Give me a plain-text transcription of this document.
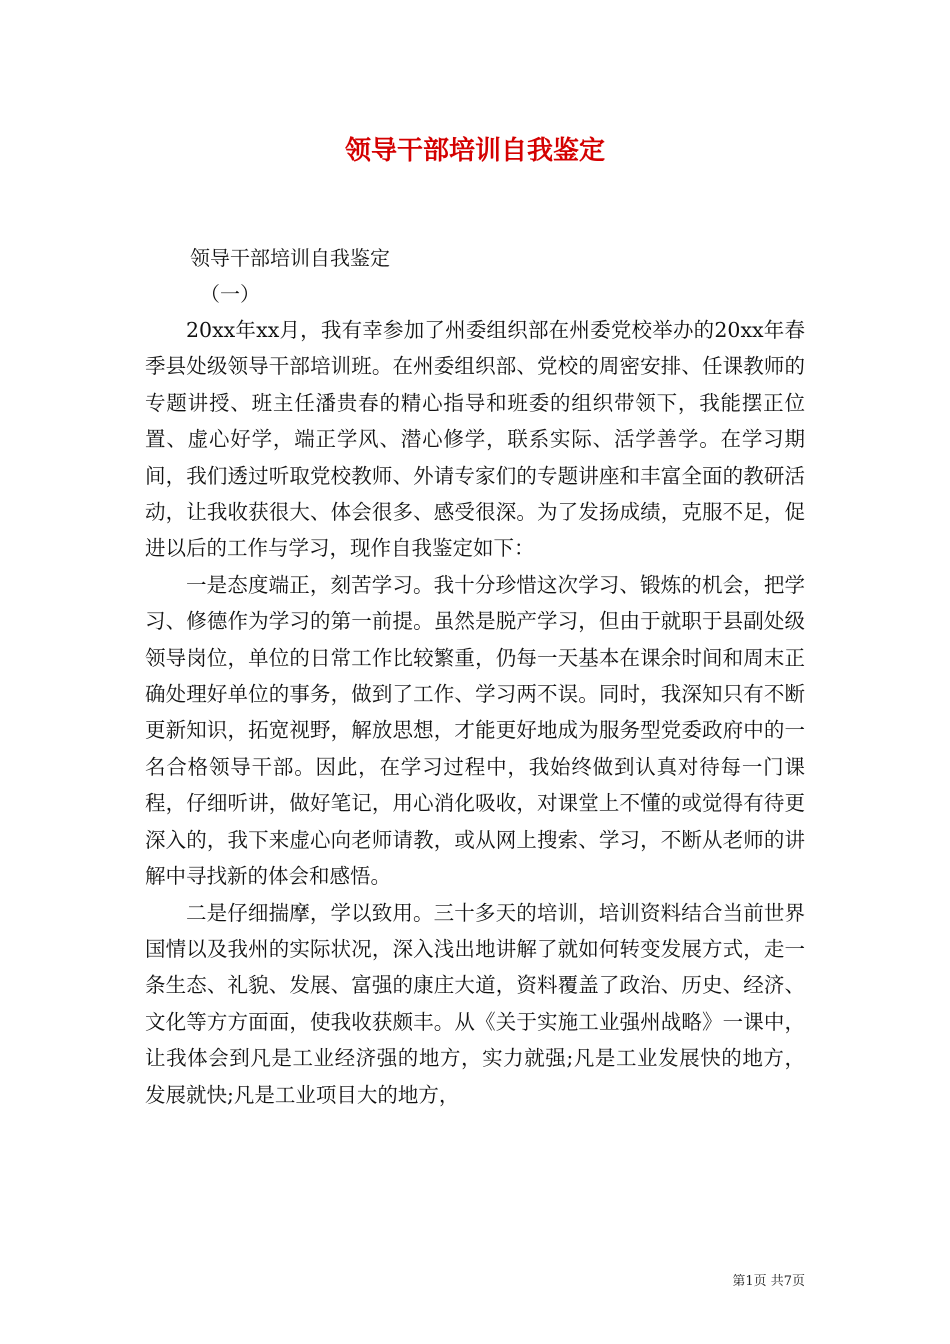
领导干部培训自我鉴定

领导干部培训自我鉴定

（一）

20xx年xx月，我有幸参加了州委组织部在州委党校举办的20xx年春季县处级领导干部培训班。在州委组织部、党校的周密安排、任课教师的专题讲授、班主任潘贵春的精心指导和班委的组织带领下，我能摆正位置、虚心好学，端正学风、潜心修学，联系实际、活学善学。在学习期间，我们透过听取党校教师、外请专家们的专题讲座和丰富全面的教研活动，让我收获很大、体会很多、感受很深。为了发扬成绩，克服不足，促进以后的工作与学习，现作自我鉴定如下：

一是态度端正，刻苦学习。我十分珍惜这次学习、锻炼的机会，把学习、修德作为学习的第一前提。虽然是脱产学习，但由于就职于县副处级领导岗位，单位的日常工作比较繁重，仍每一天基本在课余时间和周末正确处理好单位的事务，做到了工作、学习两不误。同时，我深知只有不断更新知识，拓宽视野，解放思想，才能更好地成为服务型党委政府中的一名合格领导干部。因此，在学习过程中，我始终做到认真对待每一门课程，仔细听讲，做好笔记，用心消化吸收，对课堂上不懂的或觉得有待更深入的，我下来虚心向老师请教，或从网上搜索、学习，不断从老师的讲解中寻找新的体会和感悟。

二是仔细揣摩，学以致用。三十多天的培训，培训资料结合当前世界国情以及我州的实际状况，深入浅出地讲解了就如何转变发展方式，走一条生态、礼貌、发展、富强的康庄大道，资料覆盖了政治、历史、经济、文化等方方面面，使我收获颇丰。从《关于实施工业强州战略》一课中，让我体会到凡是工业经济强的地方，实力就强;凡是工业发展快的地方，发展就快;凡是工业项目大的地方，

第1页 共7页
